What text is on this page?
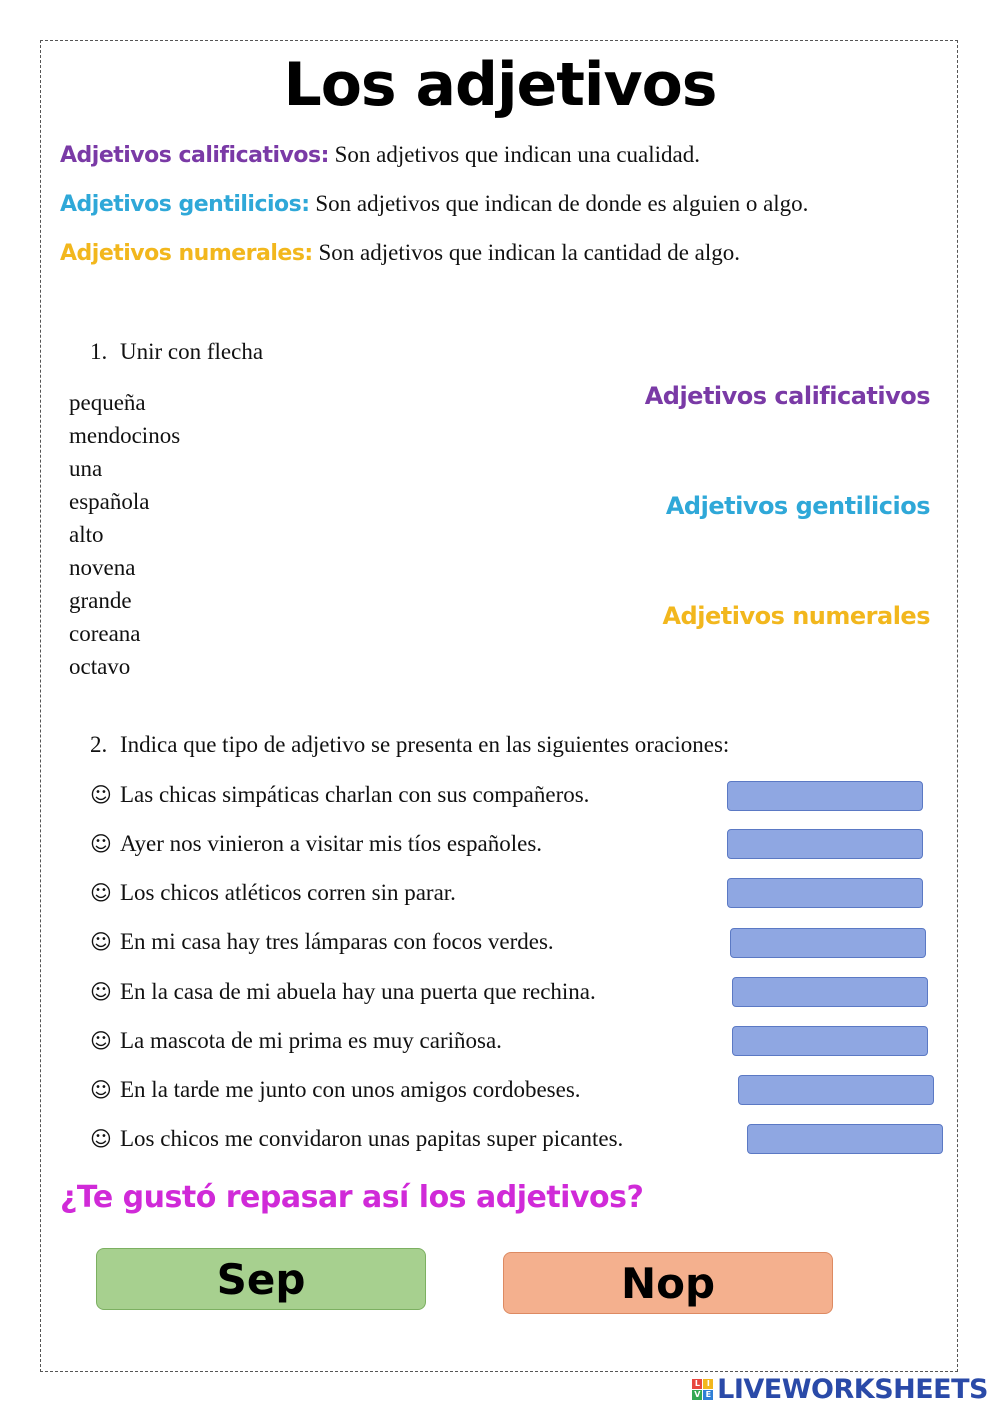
Los adjetivos
Adjetivos calificativos: Son adjetivos que indican una cualidad.
Adjetivos gentilicios: Son adjetivos que indican de donde es alguien o algo.
Adjetivos numerales: Son adjetivos que indican la cantidad de algo.
1. Unir con flecha
pequeña
mendocinos
una
española
alto
novena
grande
coreana
octavo
Adjetivos calificativos
Adjetivos gentilicios
Adjetivos numerales
2. Indica que tipo de adjetivo se presenta en las siguientes oraciones:
☺ Las chicas simpáticas charlan con sus compañeros.
☺ Ayer nos vinieron a visitar mis tíos españoles.
☺ Los chicos atléticos corren sin parar.
☺ En mi casa hay tres lámparas con focos verdes.
☺ En la casa de mi abuela hay una puerta que rechina.
☺ La mascota de mi prima es muy cariñosa.
☺ En la tarde me junto con unos amigos cordobeses.
☺ Los chicos me convidaron unas papitas super picantes.
¿Te gustó repasar así los adjetivos?
Sep	Nop
L I
V E LIVEWORKSHEETS
